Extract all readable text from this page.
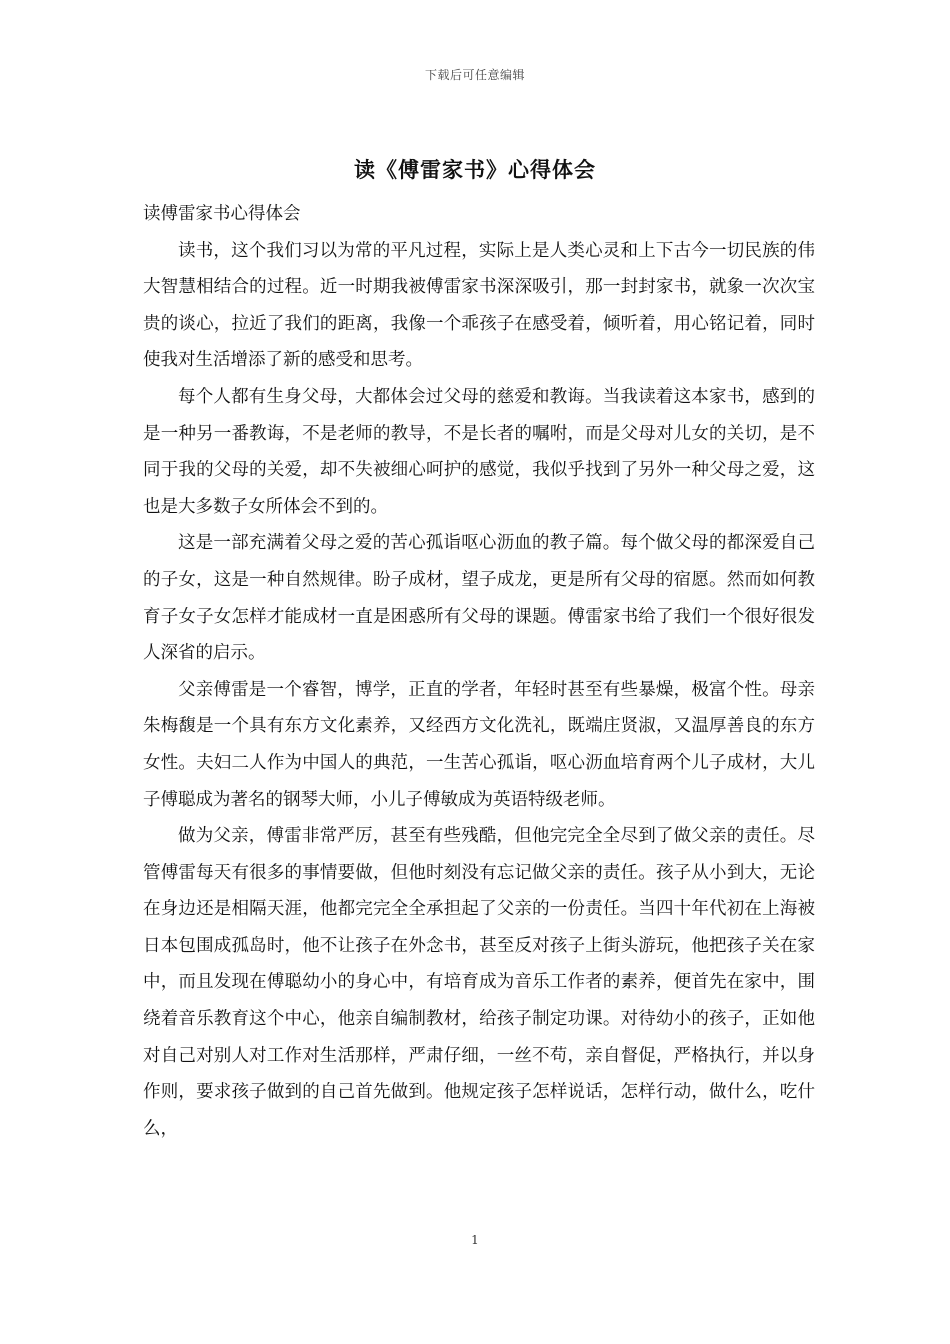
下载后可任意编辑
读《傅雷家书》心得体会

读傅雷家书心得体会

读书，这个我们习以为常的平凡过程，实际上是人类心灵和上下古今一切民族的伟大智慧相结合的过程。近一时期我被傅雷家书深深吸引，那一封封家书，就象一次次宝贵的谈心，拉近了我们的距离，我像一个乖孩子在感受着，倾听着，用心铭记着，同时使我对生活增添了新的感受和思考。

每个人都有生身父母，大都体会过父母的慈爱和教诲。当我读着这本家书，感到的是一种另一番教诲，不是老师的教导，不是长者的嘱咐，而是父母对儿女的关切，是不同于我的父母的关爱，却不失被细心呵护的感觉，我似乎找到了另外一种父母之爱，这也是大多数子女所体会不到的。

这是一部充满着父母之爱的苦心孤诣呕心沥血的教子篇。每个做父母的都深爱自己的子女，这是一种自然规律。盼子成材，望子成龙，更是所有父母的宿愿。然而如何教育子女子女怎样才能成材一直是困惑所有父母的课题。傅雷家书给了我们一个很好很发人深省的启示。

父亲傅雷是一个睿智，博学，正直的学者，年轻时甚至有些暴燥，极富个性。母亲朱梅馥是一个具有东方文化素养，又经西方文化洗礼，既端庄贤淑，又温厚善良的东方女性。夫妇二人作为中国人的典范，一生苦心孤诣，呕心沥血培育两个儿子成材，大儿子傅聪成为著名的钢琴大师，小儿子傅敏成为英语特级老师。

做为父亲，傅雷非常严厉，甚至有些残酷，但他完完全全尽到了做父亲的责任。尽管傅雷每天有很多的事情要做，但他时刻没有忘记做父亲的责任。孩子从小到大，无论在身边还是相隔天涯，他都完完全全承担起了父亲的一份责任。当四十年代初在上海被日本包围成孤岛时，他不让孩子在外念书，甚至反对孩子上街头游玩，他把孩子关在家中，而且发现在傅聪幼小的身心中，有培育成为音乐工作者的素养，便首先在家中，围绕着音乐教育这个中心，他亲自编制教材，给孩子制定功课。对待幼小的孩子，正如他对自己对别人对工作对生活那样，严肃仔细，一丝不苟，亲自督促，严格执行，并以身作则，要求孩子做到的自己首先做到。他规定孩子怎样说话，怎样行动，做什么，吃什么，

1
